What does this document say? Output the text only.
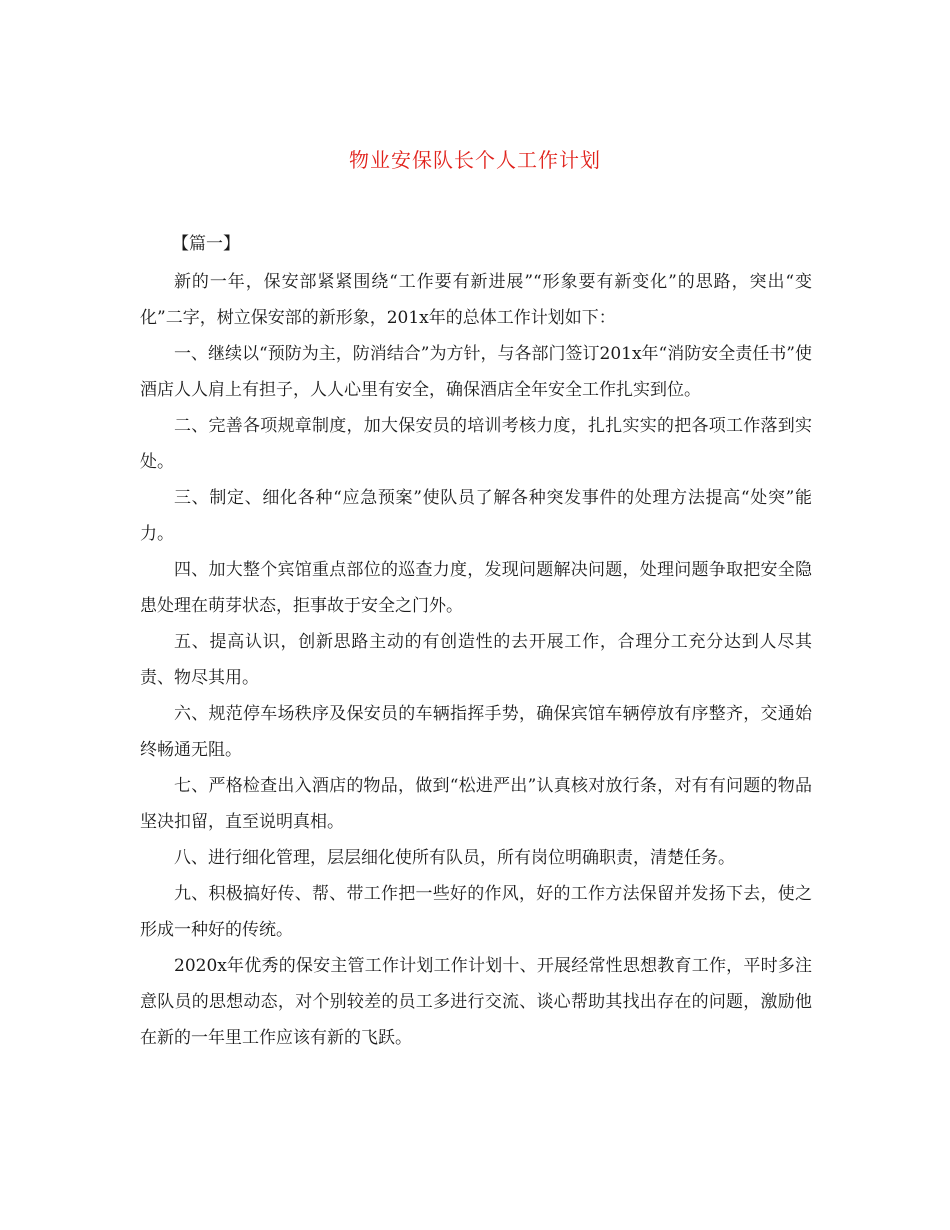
物业安保队长个人工作计划
【篇一】

新的一年，保安部紧紧围绕“工作要有新进展”“形象要有新变化”的思路，突出“变化”二字，树立保安部的新形象，201x年的总体工作计划如下：

一、继续以“预防为主，防消结合”为方针，与各部门签订201x年“消防安全责任书”使酒店人人肩上有担子，人人心里有安全，确保酒店全年安全工作扎实到位。

二、完善各项规章制度，加大保安员的培训考核力度，扎扎实实的把各项工作落到实处。

三、制定、细化各种“应急预案”使队员了解各种突发事件的处理方法提高“处突”能力。

四、加大整个宾馆重点部位的巡查力度，发现问题解决问题，处理问题争取把安全隐患处理在萌芽状态，拒事故于安全之门外。

五、提高认识，创新思路主动的有创造性的去开展工作，合理分工充分达到人尽其责、物尽其用。

六、规范停车场秩序及保安员的车辆指挥手势，确保宾馆车辆停放有序整齐，交通始终畅通无阻。

七、严格检查出入酒店的物品，做到“松进严出”认真核对放行条，对有有问题的物品坚决扣留，直至说明真相。

八、进行细化管理，层层细化使所有队员，所有岗位明确职责，清楚任务。

九、积极搞好传、帮、带工作把一些好的作风，好的工作方法保留并发扬下去，使之形成一种好的传统。

2020x年优秀的保安主管工作计划工作计划十、开展经常性思想教育工作，平时多注意队员的思想动态，对个别较差的员工多进行交流、谈心帮助其找出存在的问题，激励他在新的一年里工作应该有新的飞跃。
